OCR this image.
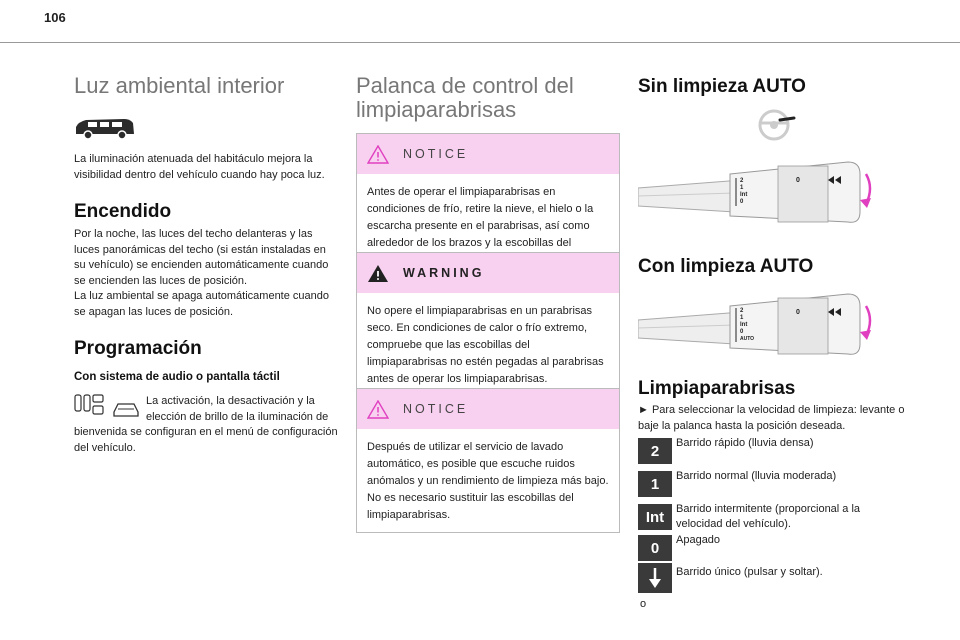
106
Luz ambiental interior

La iluminación atenuada del habitáculo mejora la visibilidad dentro del vehículo cuando hay poca luz.

Encendido

Por la noche, las luces del techo delanteras y las luces panorámicas del techo (si están instaladas en su vehículo) se encienden automáticamente cuando se encienden las luces de posición.

La luz ambiental se apaga automáticamente cuando se apagan las luces de posición.

Programación
Con sistema de audio o pantalla táctil

La activación, la desactivación y la elección de brillo de la iluminación de bienvenida se configuran en el menú de configuración del vehículo.

Palanca de control del limpiaparabrisas
NOTICE
Antes de operar el limpiaparabrisas en condiciones de frío, retire la nieve, el hielo o la escarcha presente en el parabrisas, así como alrededor de los brazos y la escobillas del
WARNING
No opere el limpiaparabrisas en un parabrisas seco. En condiciones de calor o frío extremo, compruebe que las escobillas del limpiaparabrisas no estén pegadas al parabrisas antes de operar los limpiaparabrisas.
NOTICE
Después de utilizar el servicio de lavado automático, es posible que escuche ruidos anómalos y un rendimiento de limpieza más bajo. No es necesario sustituir las escobillas del limpiaparabrisas.
Sin limpieza AUTO
2
1
Int
0
0
Con limpieza AUTO
2
1
Int
0
AUTO
0
Limpiaparabrisas

► Para seleccionar la velocidad de limpieza: levante o baje la palanca hasta la posición deseada.

2	Barrido rápido (lluvia densa)
1	Barrido normal (lluvia moderada)
Int	Barrido intermitente (proporcional a la velocidad del vehículo).
0	Apagado
Barrido único (pulsar y soltar).
o
